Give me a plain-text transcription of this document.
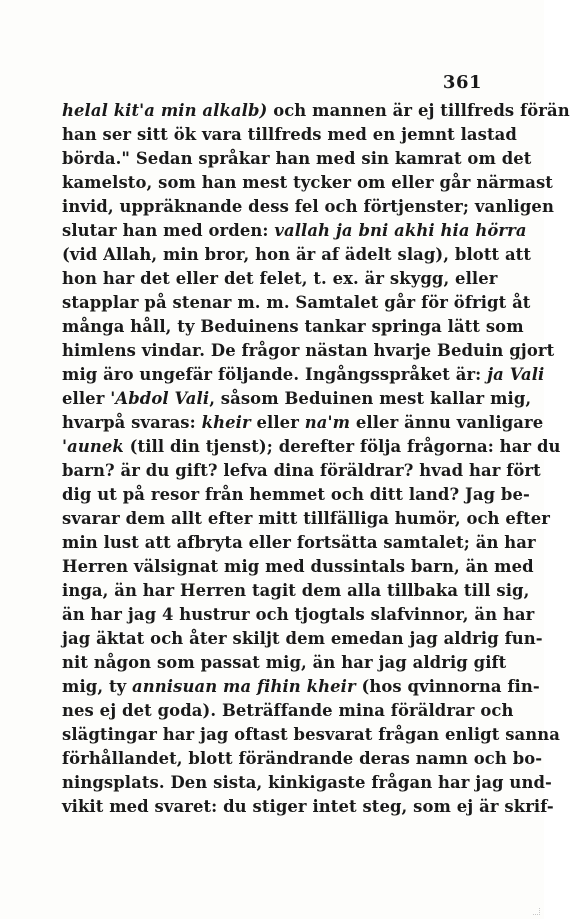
361
helal kit'a min alkalb) och mannen är ej tillfreds förän
han ser sitt ök vara tillfreds med en jemnt lastad
börda." Sedan språkar han med sin kamrat om det
kamelsto, som han mest tycker om eller går närmast
invid, uppräknande dess fel och förtjenster; vanligen
slutar han med orden: vallah ja bni akhi hia hörra
(vid Allah, min bror, hon är af ädelt slag), blott att
hon har det eller det felet, t. ex. är skygg, eller
stapplar på stenar m. m. Samtalet går för öfrigt åt
många håll, ty Beduinens tankar springa lätt som
himlens vindar. De frågor nästan hvarje Beduin gjort
mig äro ungefär följande. Ingångsspråket är: ja Vali
eller 'Abdol Vali, såsom Beduinen mest kallar mig,
hvarpå svaras: kheir eller na'm eller ännu vanligare
'aunek (till din tjenst); derefter följa frågorna: har du
barn? är du gift? lefva dina föräldrar? hvad har fört
dig ut på resor från hemmet och ditt land? Jag be-
svarar dem allt efter mitt tillfälliga humör, och efter
min lust att afbryta eller fortsätta samtalet; än har
Herren välsignat mig med dussintals barn, än med
inga, än har Herren tagit dem alla tillbaka till sig,
än har jag 4 hustrur och tjogtals slafvinnor, än har
jag äktat och åter skiljt dem emedan jag aldrig fun-
nit någon som passat mig, än har jag aldrig gift
mig, ty annisuan ma fihin kheir (hos qvinnorna fin-
nes ej det goda). Beträffande mina föräldrar och
slägtingar har jag oftast besvarat frågan enligt sanna
förhållandet, blott förändrande deras namn och bo-
ningsplats. Den sista, kinkigaste frågan har jag und-
vikit med svaret: du stiger intet steg, som ej är skrif-
